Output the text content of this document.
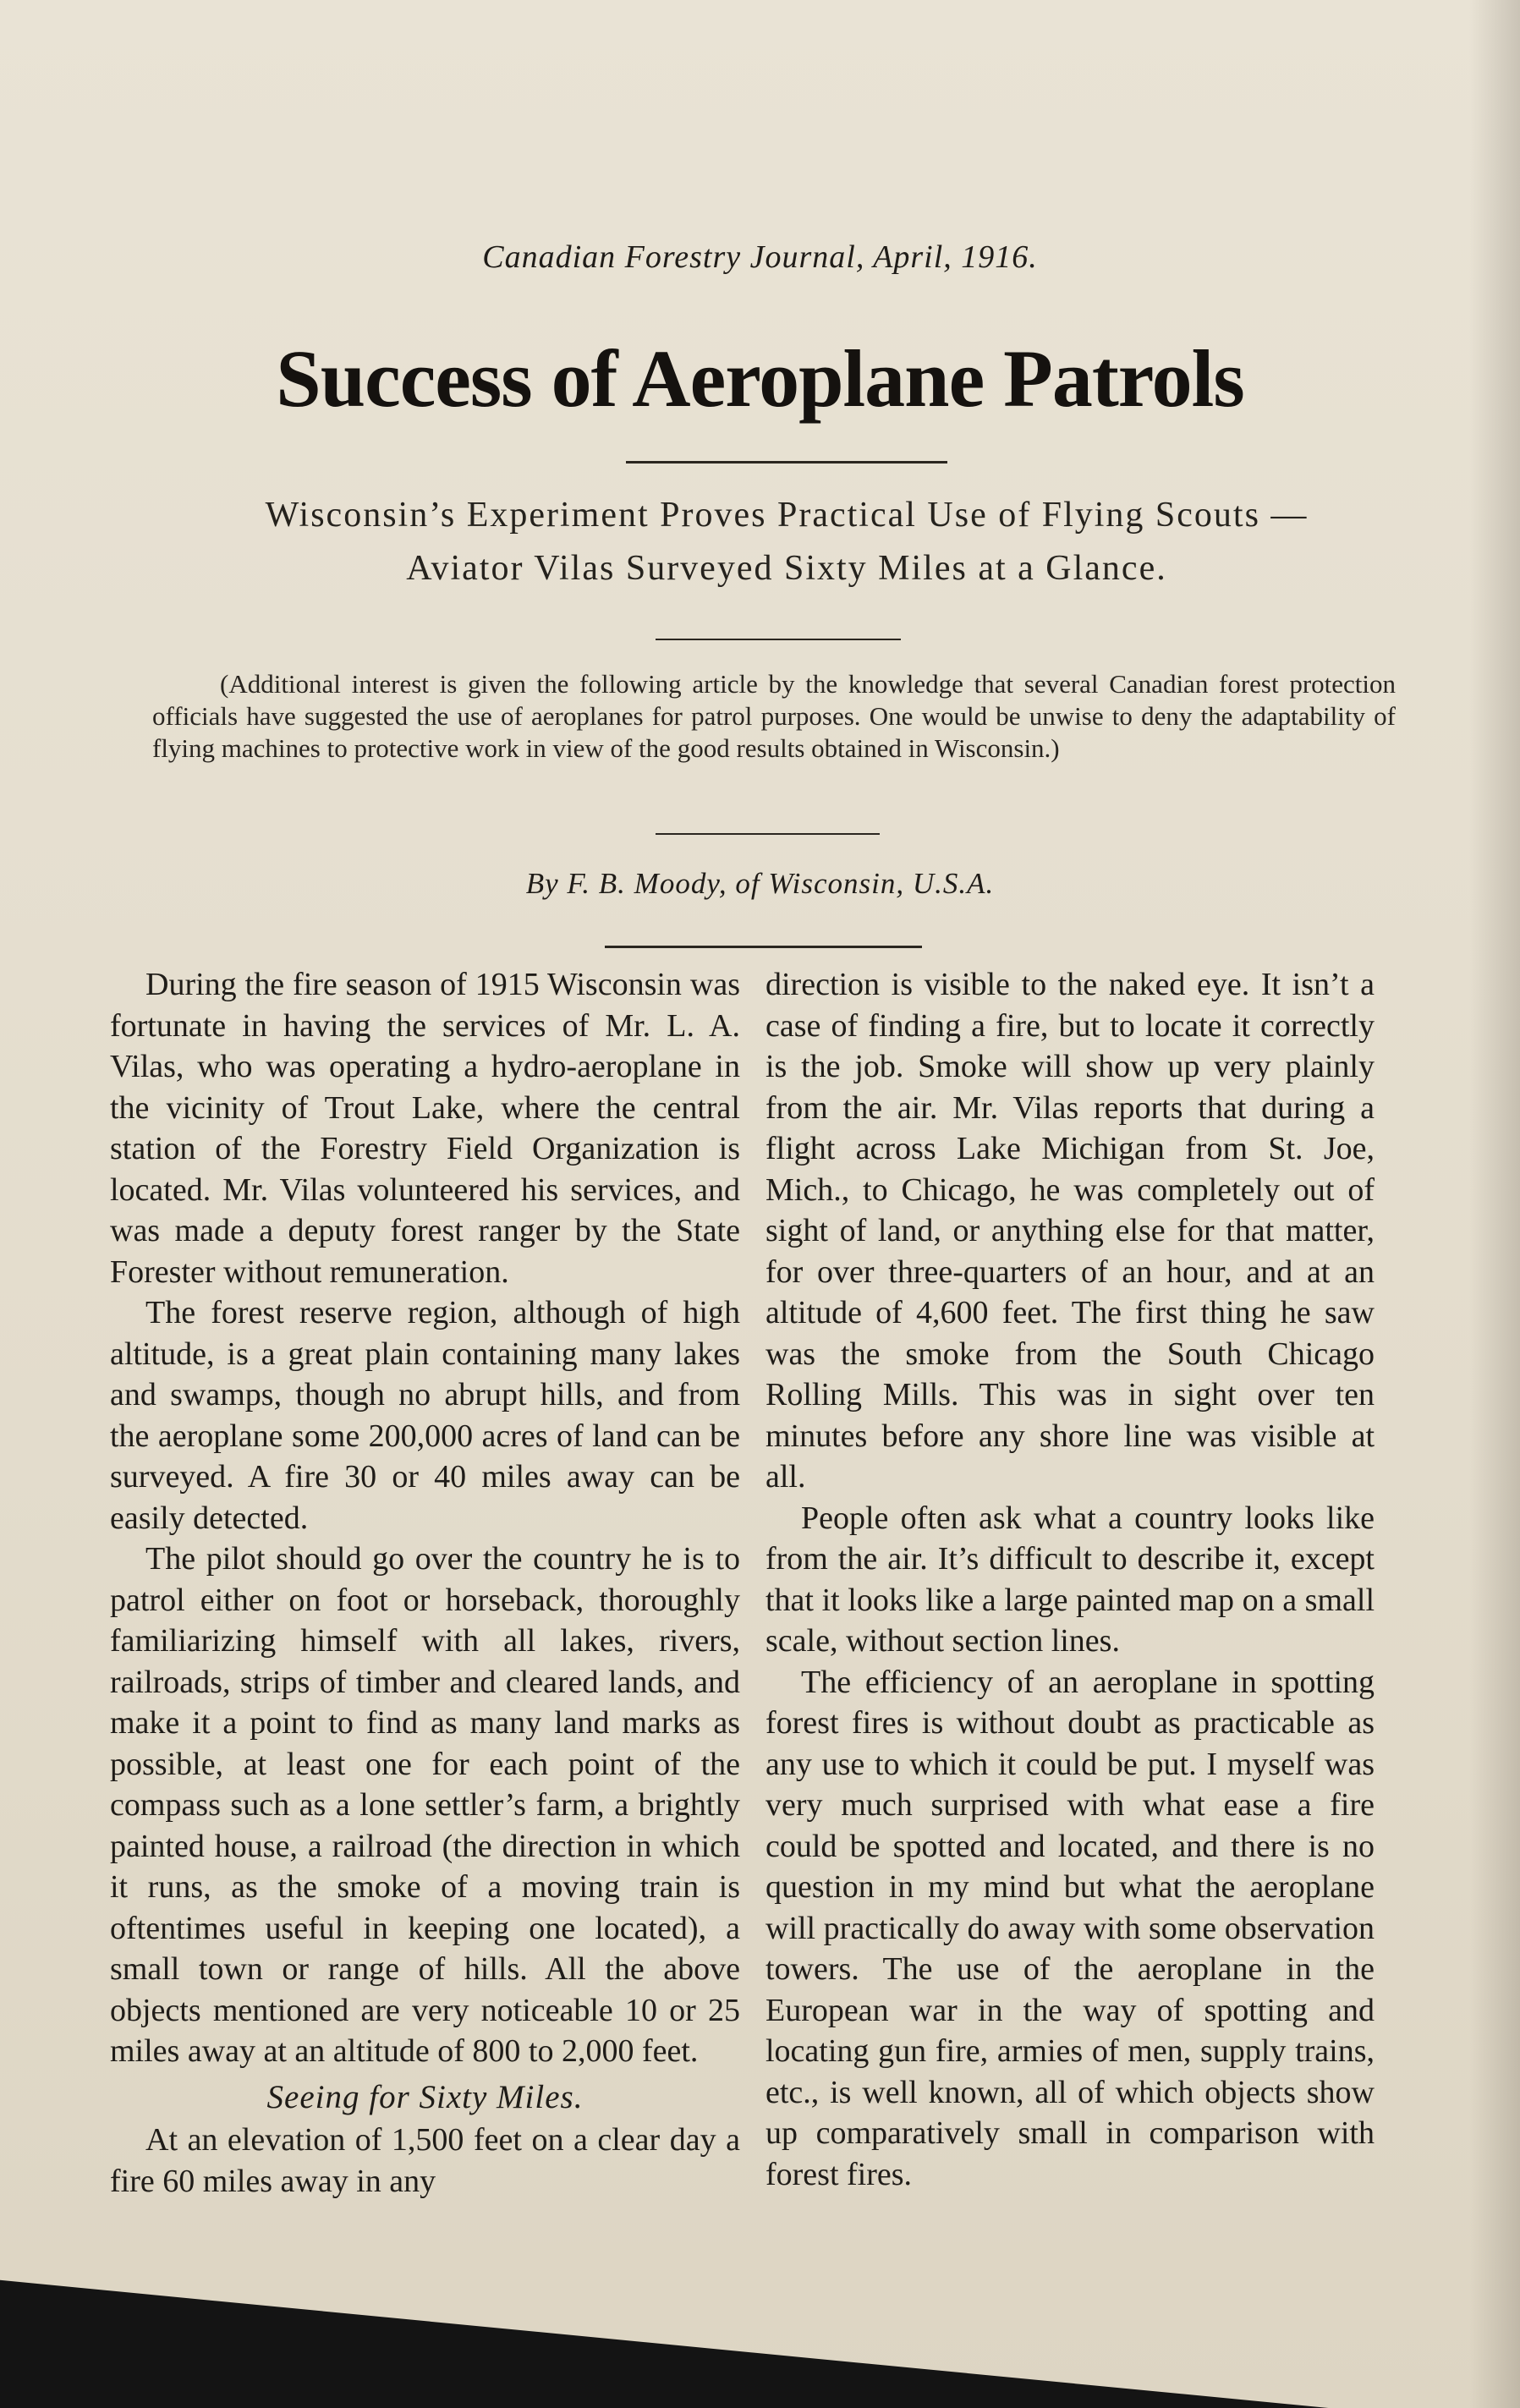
Canadian Forestry Journal, April, 1916.
Success of Aeroplane Patrols
Wisconsin’s Experiment Proves Practical Use of Flying Scouts —
Aviator Vilas Surveyed Sixty Miles at a Glance.
(Additional interest is given the following article by the knowledge that several Canadian forest protection officials have suggested the use of aeroplanes for patrol purposes. One would be unwise to deny the adaptability of flying machines to protective work in view of the good results obtained in Wisconsin.)
By F. B. Moody, of Wisconsin, U.S.A.

During the fire season of 1915 Wisconsin was fortunate in having the services of Mr. L. A. Vilas, who was operating a hydro-aeroplane in the vicinity of Trout Lake, where the central station of the Forestry Field Organization is located. Mr. Vilas volunteered his services, and was made a deputy forest ranger by the State Forester without remuneration.

The forest reserve region, although of high altitude, is a great plain containing many lakes and swamps, though no abrupt hills, and from the aeroplane some 200,000 acres of land can be surveyed. A fire 30 or 40 miles away can be easily detected.

The pilot should go over the country he is to patrol either on foot or horseback, thoroughly familiarizing himself with all lakes, rivers, railroads, strips of timber and cleared lands, and make it a point to find as many land marks as possible, at least one for each point of the compass such as a lone settler’s farm, a brightly painted house, a railroad (the direction in which it runs, as the smoke of a moving train is oftentimes useful in keeping one located), a small town or range of hills. All the above objects mentioned are very noticeable 10 or 25 miles away at an altitude of 800 to 2,000 feet.

Seeing for Sixty Miles.

At an elevation of 1,500 feet on a clear day a fire 60 miles away in any

direction is visible to the naked eye. It isn’t a case of finding a fire, but to locate it correctly is the job. Smoke will show up very plainly from the air. Mr. Vilas reports that during a flight across Lake Michigan from St. Joe, Mich., to Chicago, he was completely out of sight of land, or anything else for that matter, for over three-quarters of an hour, and at an altitude of 4,600 feet. The first thing he saw was the smoke from the South Chicago Rolling Mills. This was in sight over ten minutes before any shore line was visible at all.

People often ask what a country looks like from the air. It’s difficult to describe it, except that it looks like a large painted map on a small scale, without section lines.

The efficiency of an aeroplane in spotting forest fires is without doubt as practicable as any use to which it could be put. I myself was very much surprised with what ease a fire could be spotted and located, and there is no question in my mind but what the aeroplane will practically do away with some observation towers. The use of the aeroplane in the European war in the way of spotting and locating gun fire, armies of men, supply trains, etc., is well known, all of which objects show up comparatively small in comparison with forest fires.
